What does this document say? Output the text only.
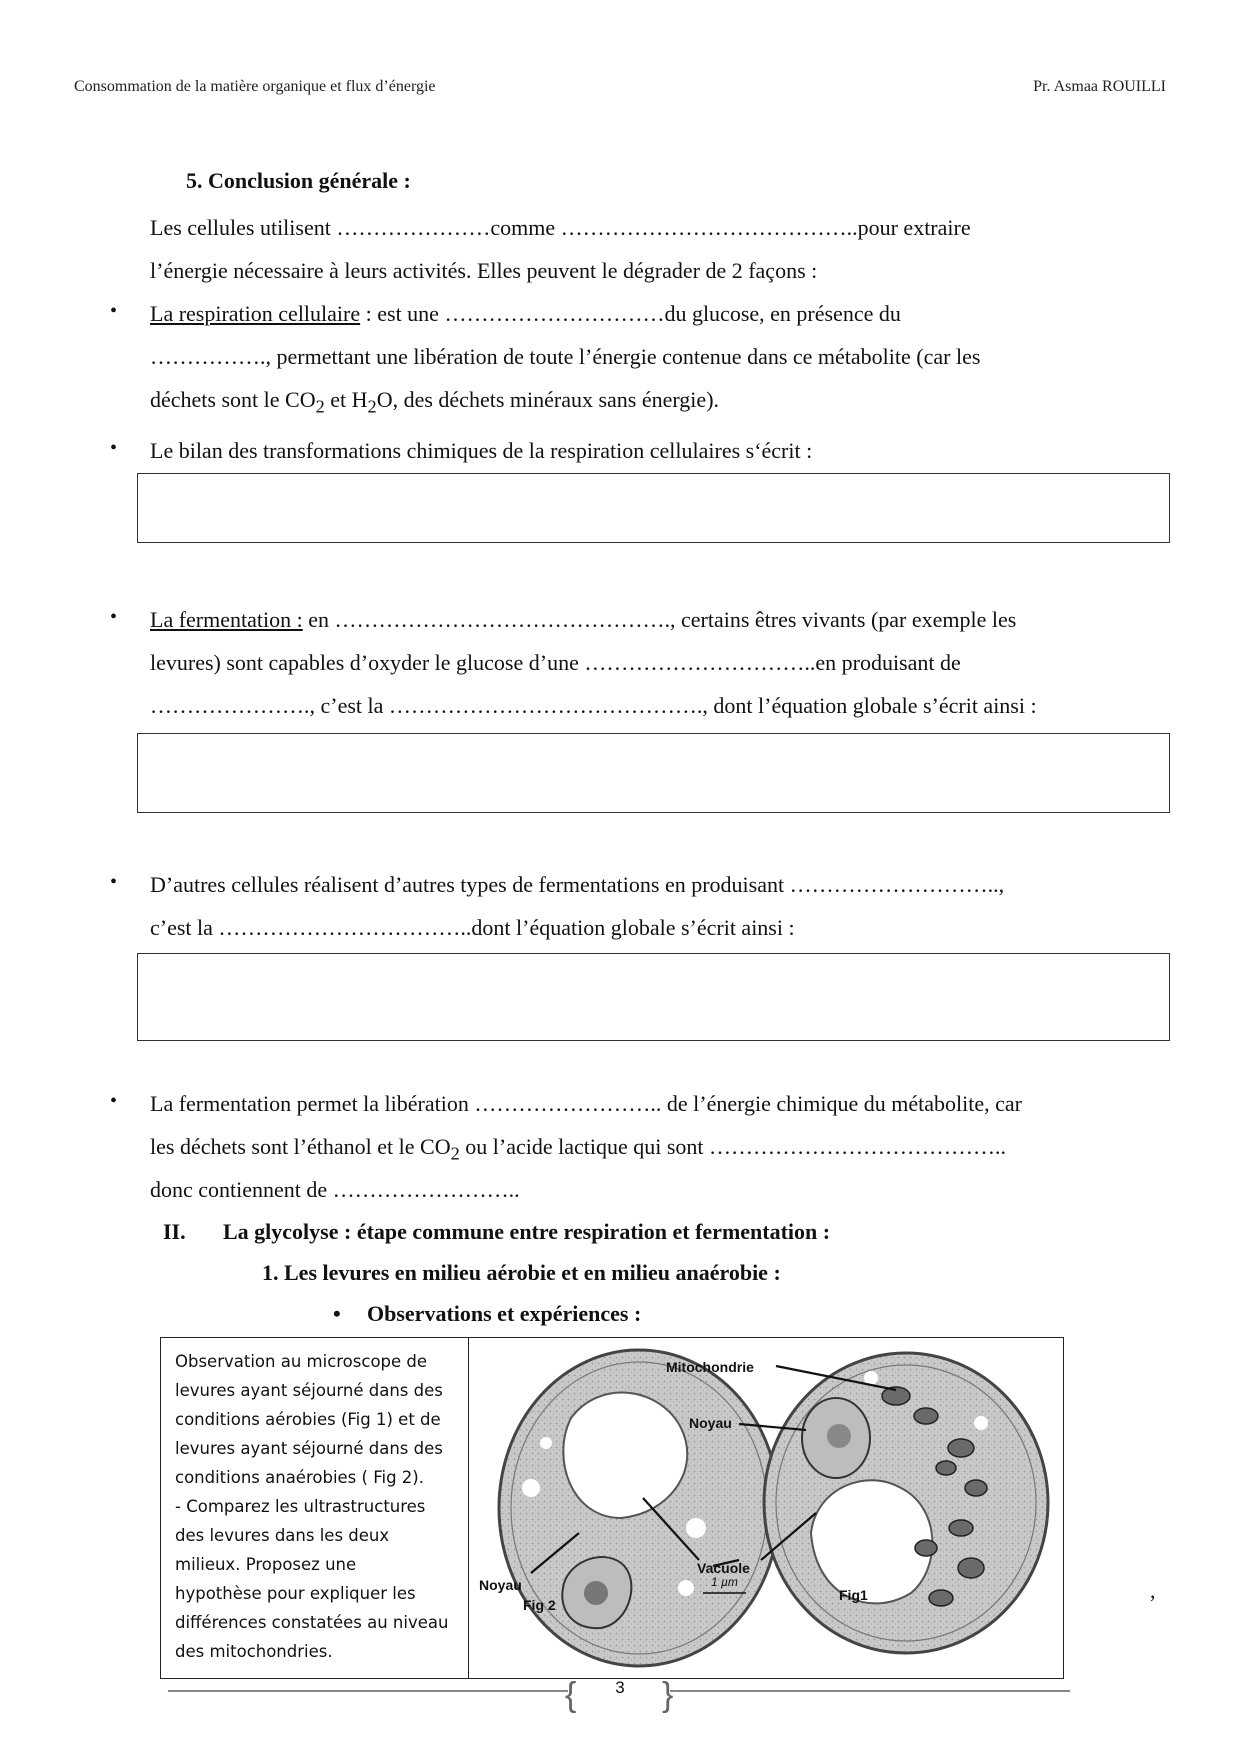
Consommation de la matière organique et flux d’énergie	Pr. Asmaa ROUILLI
5. Conclusion générale :
Les cellules utilisent …………………comme …………………………………..pour extraire
l’énergie nécessaire à leurs activités. Elles peuvent le dégrader de 2 façons :
• La respiration cellulaire : est une …………………………du glucose, en présence du
……………., permettant une libération de toute l’énergie contenue dans ce métabolite (car les
déchets sont le $CO_2$ et $H_2O$, des déchets minéraux sans énergie).
• Le bilan des transformations chimiques de la respiration cellulaires s‘écrit :
• La fermentation : en ………………………………………., certains êtres vivants (par exemple les
levures) sont capables d’oxyder le glucose d’une …………………………..en produisant de
…………………., c’est la ……………………………………., dont l’équation globale s’écrit ainsi :
• D’autres cellules réalisent d’autres types de fermentations en produisant ………………………..,
c’est la ……………………………..dont l’équation globale s’écrit ainsi :
• La fermentation permet la libération …………………….. de l’énergie chimique du métabolite, car
les déchets sont l’éthanol et le $CO_2$ ou l’acide lactique qui sont …………………………………..
donc contiennent de ……………………..
II. La glycolyse : étape commune entre respiration et fermentation :
1. Les levures en milieu aérobie et en milieu anaérobie :
• Observations et expériences :
Observation au microscope de
levures ayant séjourné dans des
conditions aérobies (Fig 1) et de
levures ayant séjourné dans des
conditions anaérobies ( Fig 2).
- Comparez les ultrastructures
des levures dans les deux
milieux. Proposez une
hypothèse pour expliquer les
différences constatées au niveau
des mitochondries.
Mitochondrie
Noyau
Vacuole
Noyau
Fig 2
Fig1
1 µm	,
{	}
3
